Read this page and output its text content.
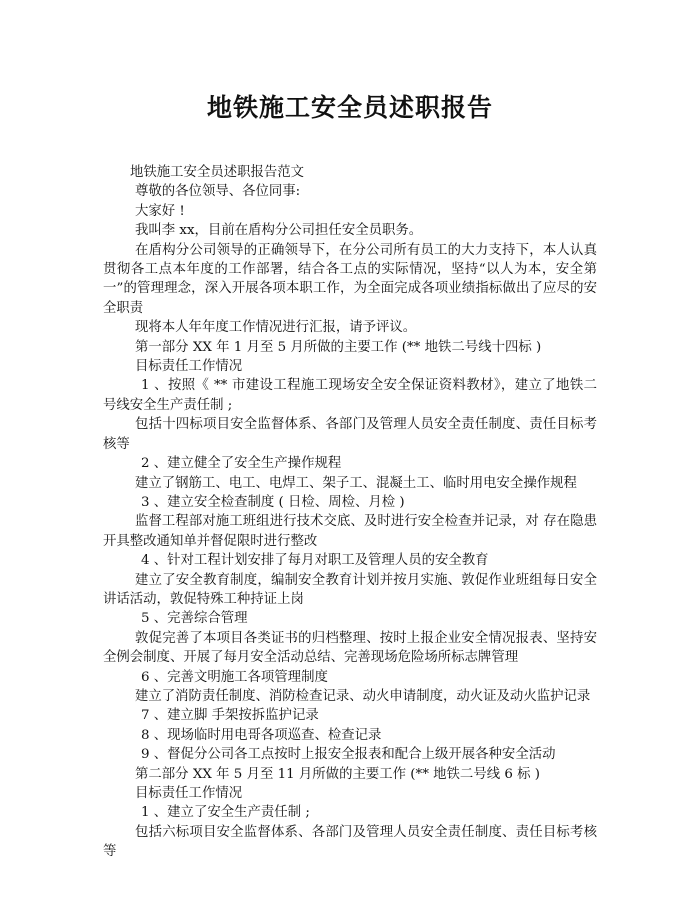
地铁施工安全员述职报告

地铁施工安全员述职报告范文

尊敬的各位领导、各位同事:

大家好 !

我叫李 xx，目前在盾构分公司担任安全员职务。

在盾构分公司领导的正确领导下，在分公司所有员工的大力支持下，本人认真贯彻各工点本年度的工作部署，结合各工点的实际情况，坚持“以人为本，安全第一”的管理理念，深入开展各项本职工作，为全面完成各项业绩指标做出了应尽的安全职责

现将本人年年度工作情况进行汇报，请予评议。

第一部分 XX 年 1 月至 5 月所做的主要工作 (** 地铁二号线十四标 )

目标责任工作情况

1 、按照《 ** 市建设工程施工现场安全安全保证资料教材》，建立了地铁二号线安全生产责任制 ;

包括十四标项目安全监督体系、各部门及管理人员安全责任制度、责任目标考核等

2 、建立健全了安全生产操作规程

建立了钢筋工、电工、电焊工、架子工、混凝土工、临时用电安全操作规程

3 、建立安全检查制度 ( 日检、周检、月检 )

监督工程部对施工班组进行技术交底、及时进行安全检查并记录，对 存在隐患开具整改通知单并督促限时进行整改

4 、针对工程计划安排了每月对职工及管理人员的安全教育

建立了安全教育制度，编制安全教育计划并按月实施、敦促作业班组每日安全讲话活动，敦促特殊工种持证上岗

5 、完善综合管理

敦促完善了本项目各类证书的归档整理、按时上报企业安全情况报表、坚持安全例会制度、开展了每月安全活动总结、完善现场危险场所标志牌管理

6 、完善文明施工各项管理制度

建立了消防责任制度、消防检查记录、动火申请制度，动火证及动火监护记录

7 、建立脚 手架按拆监护记录

8 、现场临时用电哥各项巡查、检查记录

9 、督促分公司各工点按时上报安全报表和配合上级开展各种安全活动

第二部分 XX 年 5 月至 11 月所做的主要工作 (** 地铁二号线 6 标 )

目标责任工作情况

1 、建立了安全生产责任制 ;

包括六标项目安全监督体系、各部门及管理人员安全责任制度、责任目标考核等
